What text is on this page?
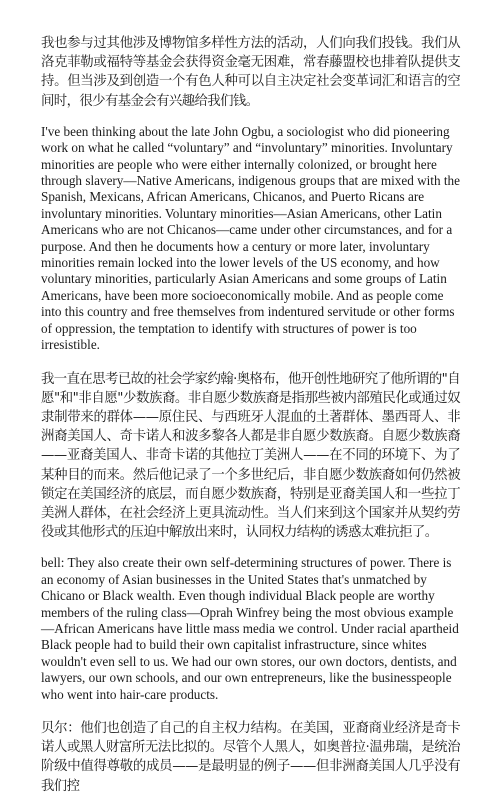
我也参与过其他涉及博物馆多样性方法的活动，人们向我们投钱。我们从洛克菲勒或福特等基金会获得资金毫无困难，常春藤盟校也排着队提供支持。但当涉及到创造一个有色人种可以自主决定社会变革词汇和语言的空间时，很少有基金会有兴趣给我们钱。

I've been thinking about the late John Ogbu, a sociologist who did pioneering work on what he called “voluntary” and “involuntary” minorities. Involuntary minorities are people who were either internally colonized, or brought here through slavery—Native Americans, indigenous groups that are mixed with the Spanish, Mexicans, African Americans, Chicanos, and Puerto Ricans are involuntary minorities. Voluntary minorities—Asian Americans, other Latin Americans who are not Chicanos—came under other circumstances, and for a purpose. And then he documents how a century or more later, involuntary minorities remain locked into the lower levels of the US economy, and how voluntary minorities, particularly Asian Americans and some groups of Latin Americans, have been more socioeconomically mobile. And as people come into this country and free themselves from indentured servitude or other forms of oppression, the temptation to identify with structures of power is too irresistible.

我一直在思考已故的社会学家约翰·奥格布，他开创性地研究了他所谓的"自愿"和"非自愿"少数族裔。非自愿少数族裔是指那些被内部殖民化或通过奴隶制带来的群体——原住民、与西班牙人混血的土著群体、墨西哥人、非洲裔美国人、奇卡诺人和波多黎各人都是非自愿少数族裔。自愿少数族裔——亚裔美国人、非奇卡诺的其他拉丁美洲人——在不同的环境下、为了某种目的而来。然后他记录了一个多世纪后，非自愿少数族裔如何仍然被锁定在美国经济的底层，而自愿少数族裔，特别是亚裔美国人和一些拉丁美洲人群体，在社会经济上更具流动性。当人们来到这个国家并从契约劳役或其他形式的压迫中解放出来时，认同权力结构的诱惑太难抗拒了。

bell: They also create their own self-determining structures of power. There is an economy of Asian businesses in the United States that's unmatched by Chicano or Black wealth. Even though individual Black people are worthy members of the ruling class—Oprah Winfrey being the most obvious example—African Americans have little mass media we control. Under racial apartheid Black people had to build their own capitalist infrastructure, since whites wouldn't even sell to us. We had our own stores, our own doctors, dentists, and lawyers, our own schools, and our own entrepreneurs, like the businesspeople who went into hair-care products.

贝尔：他们也创造了自己的自主权力结构。在美国，亚裔商业经济是奇卡诺人或黑人财富所无法比拟的。尽管个人黑人，如奥普拉·温弗瑞，是统治阶级中值得尊敬的成员——是最明显的例子——但非洲裔美国人几乎没有我们控
